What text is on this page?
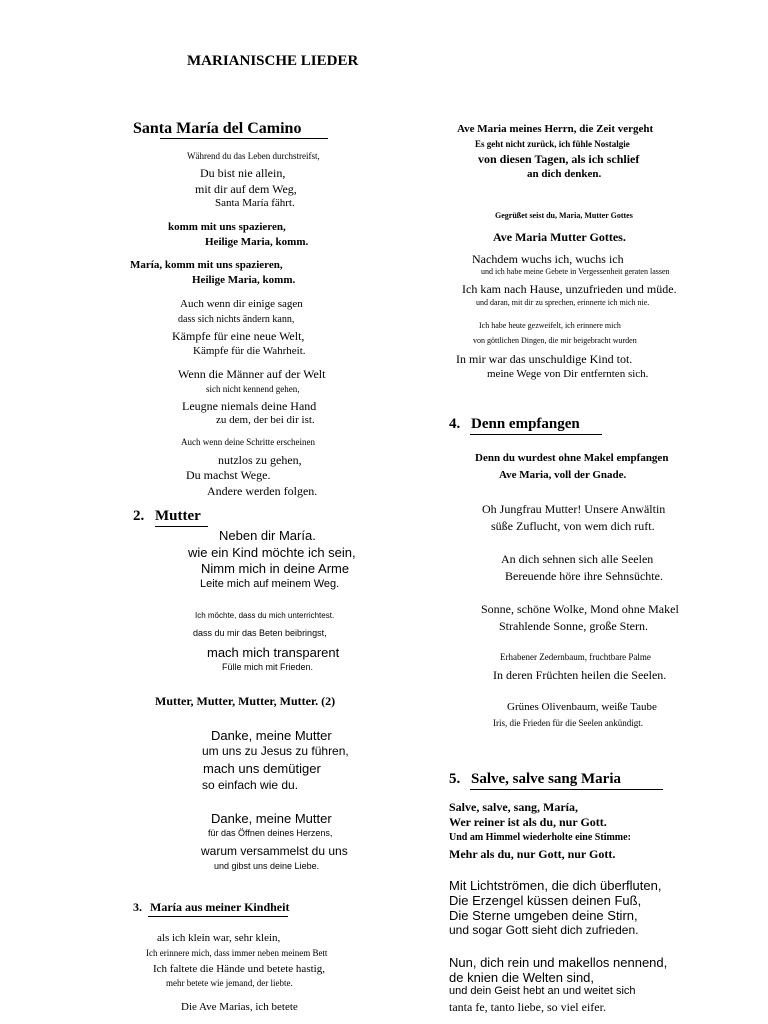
MARIANISCHE LIEDER
Santa María del Camino
Während du das Leben durchstreifst,
Du bist nie allein,
mit dir auf dem Weg,
Santa María fährt.
komm mit uns spazieren,
Heilige Maria, komm.
María, komm mit uns spazieren,
Heilige Maria, komm.
Auch wenn dir einige sagen
dass sich nichts ändern kann,
Kämpfe für eine neue Welt,
Kämpfe für die Wahrheit.
Wenn die Männer auf der Welt
sich nicht kennend gehen,
Leugne niemals deine Hand
zu dem, der bei dir ist.
Auch wenn deine Schritte erscheinen
nutzlos zu gehen,
Du machst Wege.
Andere werden folgen.
2. Mutter
Neben dir María.
wie ein Kind möchte ich sein,
Nimm mich in deine Arme
Leite mich auf meinem Weg.
Ich möchte, dass du mich unterrichtest.
dass du mir das Beten beibringst,
mach mich transparent
Fülle mich mit Frieden.
Mutter, Mutter, Mutter, Mutter. (2)
Danke, meine Mutter
um uns zu Jesus zu führen,
mach uns demütiger
so einfach wie du.
Danke, meine Mutter
für das Öffnen deines Herzens,
warum versammelst du uns
und gibst uns deine Liebe.
3. María aus meiner Kindheit
als ich klein war, sehr klein,
Ich erinnere mich, dass immer neben meinem Bett
Ich faltete die Hände und betete hastig,
mehr betete wie jemand, der liebte.
Die Ave Marias, ich betete
Ave Maria meines Herrn, die Zeit vergeht
Es geht nicht zurück, ich fühle Nostalgie
von diesen Tagen, als ich schlief
an dich denken.
Gegrüßet seist du, Maria, Mutter Gottes
Ave Maria Mutter Gottes.
Nachdem wuchs ich, wuchs ich
und ich habe meine Gebete in Vergessenheit geraten lassen
Ich kam nach Hause, unzufrieden und müde.
und daran, mit dir zu sprechen, erinnerte ich mich nie.
Ich habe heute gezweifelt, ich erinnere mich
von göttlichen Dingen, die mir beigebracht wurden
In mir war das unschuldige Kind tot.
meine Wege von Dir entfernten sich.
4. Denn empfangen
Denn du wurdest ohne Makel empfangen
Ave Maria, voll der Gnade.
Oh Jungfrau Mutter! Unsere Anwältin
süße Zuflucht, von wem dich ruft.
An dich sehnen sich alle Seelen
Bereuende höre ihre Sehnsüchte.
Sonne, schöne Wolke, Mond ohne Makel
Strahlende Sonne, große Stern.
Erhabener Zedernbaum, fruchtbare Palme
In deren Früchten heilen die Seelen.
Grünes Olivenbaum, weiße Taube
Iris, die Frieden für die Seelen ankündigt.
5. Salve, salve sang Maria
Salve, salve, sang, María,
Wer reiner ist als du, nur Gott.
Und am Himmel wiederholte eine Stimme:
Mehr als du, nur Gott, nur Gott.
Mit Lichtströmen, die dich überfluten,
Die Erzengel küssen deinen Fuß,
Die Sterne umgeben deine Stirn,
und sogar Gott sieht dich zufrieden.
Nun, dich rein und makellos nennend,
de knien die Welten sind,
und dein Geist hebt an und weitet sich
tanta fe, tanto liebe, so viel eifer.
